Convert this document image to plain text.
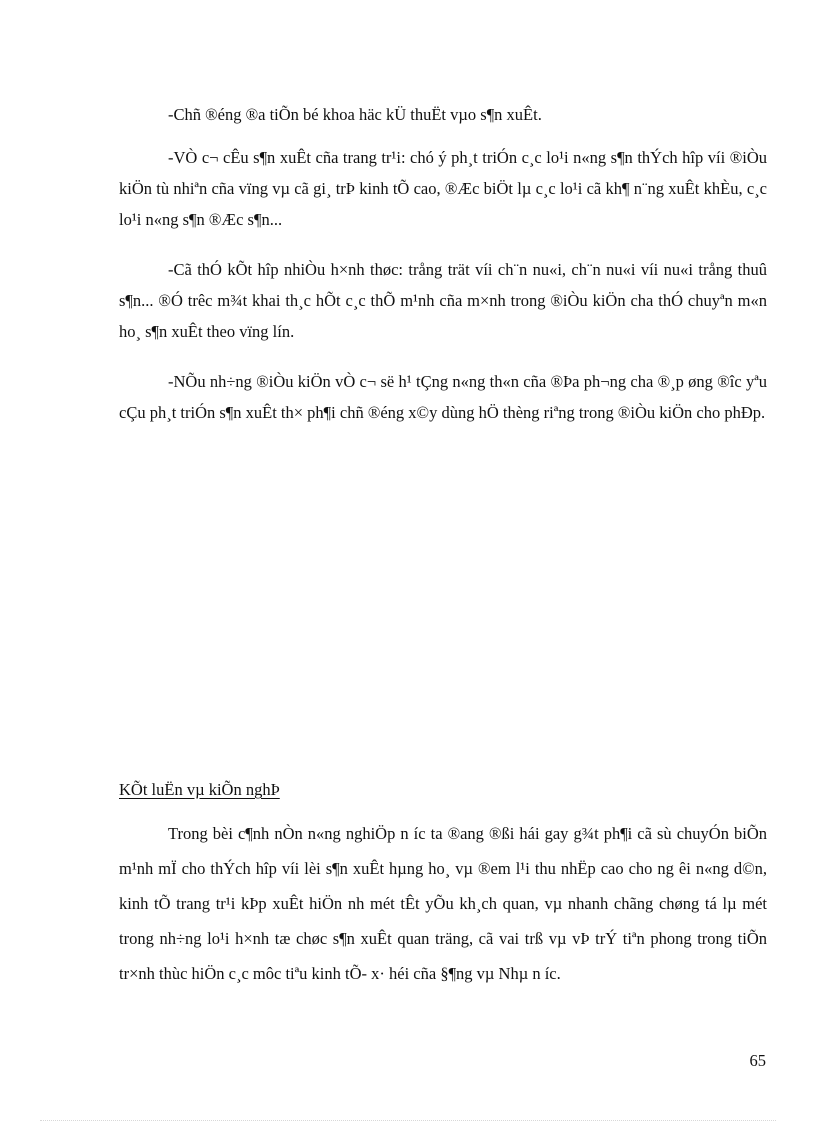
-Chñ ®éng ®a tiÕn bé khoa häc kÜ thuËt vµo s¶n xuÊt.

-VÒ c¬ cÊu s¶n xuÊt cña trang tr¹i: chó ý ph¸t triÓn c¸c lo¹i n«ng s¶n thÝch hîp víi ®iÒu kiÖn tù nhiªn cña vïng vµ cã gi¸ trÞ kinh tÕ cao, ®Æc biÖt lµ c¸c lo¹i cã kh¶ n¨ng xuÊt khÈu, c¸c lo¹i n«ng s¶n ®Æc s¶n...

-Cã thÓ kÕt hîp nhiÒu h×nh thøc: trång trät víi ch¨n nu«i, ch¨n nu«i víi nu«i trång thuû s¶n... ®Ó trêc m¾t khai th¸c hÕt c¸c thÕ m¹nh cña m×nh trong ®iÒu kiÖn cha thÓ chuyªn m«n ho¸ s¶n xuÊt theo vïng lín.

-NÕu nh÷ng ®iÒu kiÖn vÒ c¬ së h¹ tÇng n«ng th«n cña ®Þa ph¬ng cha ®¸p øng ®îc yªu cÇu ph¸t triÓn s¶n xuÊt th× ph¶i chñ ®éng x©y dùng hÖ thèng riªng trong ®iÒu kiÖn cho phÐp.

KÕt luËn vµ kiÕn nghÞ

Trong bèi c¶nh nÒn n«ng nghiÖp n íc ta ®ang ®ßi hái gay g¾t ph¶i cã sù chuyÓn biÕn m¹nh mÏ cho thÝch hîp víi lèi s¶n xuÊt hµng ho¸ vµ ®em l¹i thu nhËp cao cho ng êi n«ng d©n, kinh tÕ trang tr¹i kÞp xuÊt hiÖn nh mét tÊt yÕu kh¸ch quan, vµ nhanh chãng chøng tá lµ mét trong nh÷ng lo¹i h×nh tæ chøc s¶n xuÊt quan träng, cã vai trß vµ vÞ trÝ tiªn phong trong tiÕn tr×nh thùc hiÖn c¸c môc tiªu kinh tÕ- x· héi cña §¶ng vµ Nhµ n íc.

65
